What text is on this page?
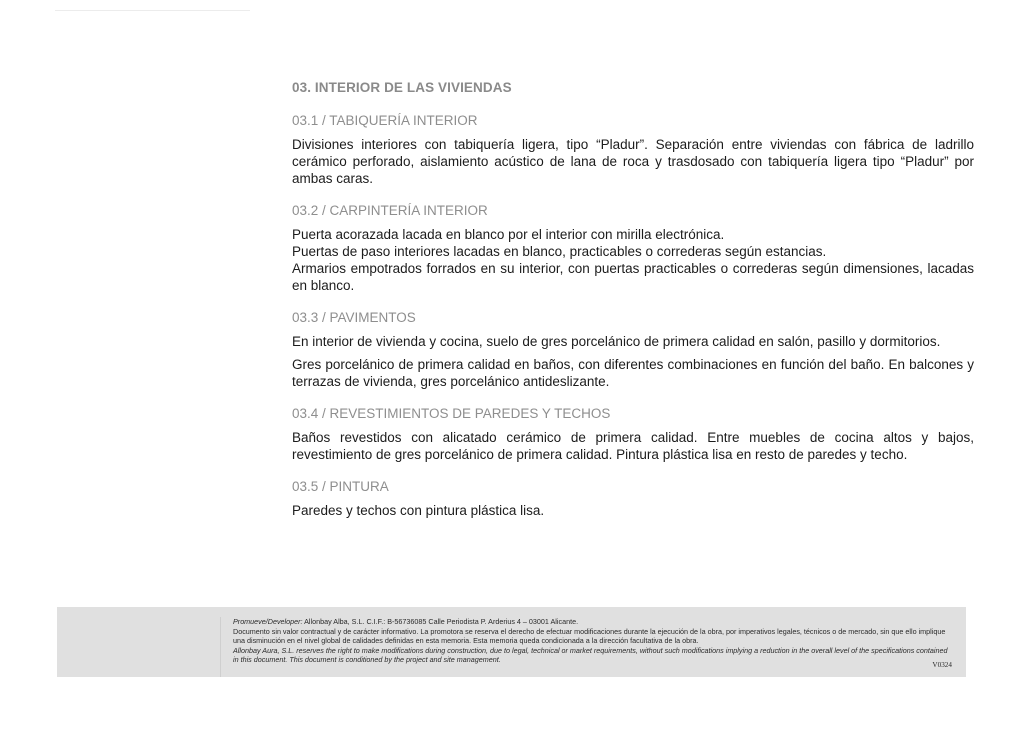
03. INTERIOR DE LAS VIVIENDAS
03.1 / TABIQUERÍA INTERIOR

Divisiones interiores con tabiquería ligera, tipo “Pladur”. Separación entre viviendas con fábrica de ladrillo cerámico perforado, aislamiento acústico de lana de roca y trasdosado con tabiquería ligera tipo “Pladur” por ambas caras.

03.2 / CARPINTERÍA INTERIOR

Puerta acorazada lacada en blanco por el interior con mirilla electrónica.

Puertas de paso interiores lacadas en blanco, practicables o correderas según estancias.

Armarios empotrados forrados en su interior, con puertas practicables o correderas según dimensiones, lacadas en blanco.

03.3 / PAVIMENTOS

En interior de vivienda y cocina, suelo de gres porcelánico de primera calidad en salón, pasillo y dormitorios.

Gres porcelánico de primera calidad en baños, con diferentes combinaciones en función del baño. En balcones y terrazas de vivienda, gres porcelánico antideslizante.

03.4 / REVESTIMIENTOS DE PAREDES Y TECHOS

Baños revestidos con alicatado cerámico de primera calidad. Entre muebles de cocina altos y bajos, revestimiento de gres porcelánico de primera calidad. Pintura plástica lisa en resto de paredes y techo.

03.5 / PINTURA

Paredes y techos con pintura plástica lisa.

Promueve/Developer: Allonbay Alba, S.L. C.I.F.: B-56736085 Calle Periodista P. Arderius 4 – 03001 Alicante.
Documento sin valor contractual y de carácter informativo. La promotora se reserva el derecho de efectuar modificaciones durante la ejecución de la obra, por imperativos legales, técnicos o de mercado, sin que ello implique una disminución en el nivel global de calidades definidas en esta memoria. Esta memoria queda condicionada a la dirección facultativa de la obra.
Allonbay Aura, S.L. reserves the right to make modifications during construction, due to legal, technical or market requirements, without such modifications implying a reduction in the overall level of the specifications contained in this document. This document is conditioned by the project and site management.
V0324
